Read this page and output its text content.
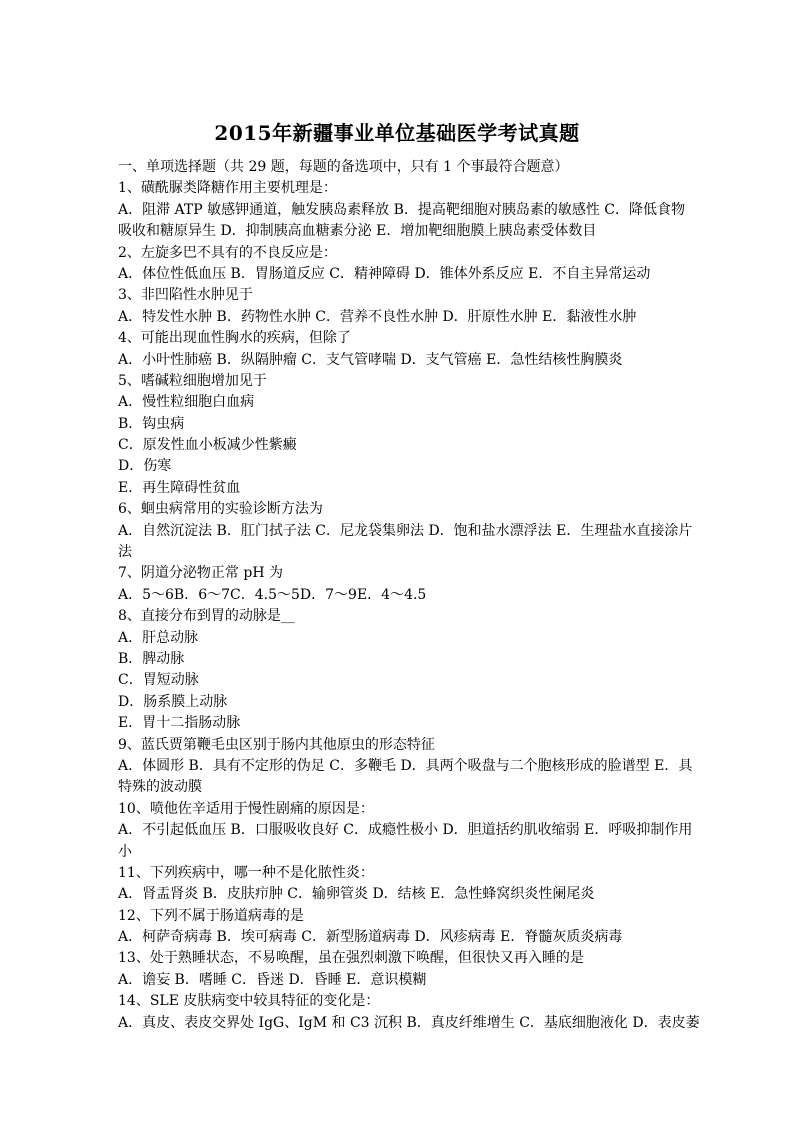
2015年新疆事业单位基础医学考试真题
一、单项选择题（共 29 题，每题的备选项中，只有 1 个事最符合题意）
1、磺酰脲类降糖作用主要机理是：
A．阻滞 ATP 敏感钾通道，触发胰岛素释放 B．提高靶细胞对胰岛素的敏感性 C．降低食物
吸收和糖原异生 D．抑制胰高血糖素分泌 E．增加靶细胞膜上胰岛素受体数目
2、左旋多巴不具有的不良反应是：
A．体位性低血压 B．胃肠道反应 C．精神障碍 D．锥体外系反应 E．不自主异常运动
3、非凹陷性水肿见于
A．特发性水肿 B．药物性水肿 C．营养不良性水肿 D．肝原性水肿 E．黏液性水肿
4、可能出现血性胸水的疾病，但除了
A．小叶性肺癌 B．纵隔肿瘤 C．支气管哮喘 D．支气管癌 E．急性结核性胸膜炎
5、嗜碱粒细胞增加见于
A．慢性粒细胞白血病
B．钩虫病
C．原发性血小板减少性紫癜
D．伤寒
E．再生障碍性贫血
6、蛔虫病常用的实验诊断方法为
A．自然沉淀法 B．肛门拭子法 C．尼龙袋集卵法 D．饱和盐水漂浮法 E．生理盐水直接涂片
法
7、阴道分泌物正常 pH 为
A．5～6B．6～7C．4.5～5D．7～9E．4～4.5
8、直接分布到胃的动脉是__
A．肝总动脉
B．脾动脉
C．胃短动脉
D．肠系膜上动脉
E．胃十二指肠动脉
9、蓝氏贾第鞭毛虫区别于肠内其他原虫的形态特征
A．体圆形 B．具有不定形的伪足 C．多鞭毛 D．具两个吸盘与二个胞核形成的脸谱型 E．具
特殊的波动膜
10、喷他佐辛适用于慢性剧痛的原因是：
A．不引起低血压 B．口服吸收良好 C．成瘾性极小 D．胆道括约肌收缩弱 E．呼吸抑制作用
小
11、下列疾病中，哪一种不是化脓性炎：
A．肾盂肾炎 B．皮肤疖肿 C．输卵管炎 D．结核 E．急性蜂窝织炎性阑尾炎
12、下列不属于肠道病毒的是
A．柯萨奇病毒 B．埃可病毒 C．新型肠道病毒 D．风疹病毒 E．脊髓灰质炎病毒
13、处于熟睡状态，不易唤醒，虽在强烈刺激下唤醒，但很快又再入睡的是
A．谵妄 B．嗜睡 C．昏迷 D．昏睡 E．意识模糊
14、SLE 皮肤病变中较具特征的变化是：
A．真皮、表皮交界处 IgG、IgM 和 C3 沉积 B．真皮纤维增生 C．基底细胞液化 D．表皮萎
